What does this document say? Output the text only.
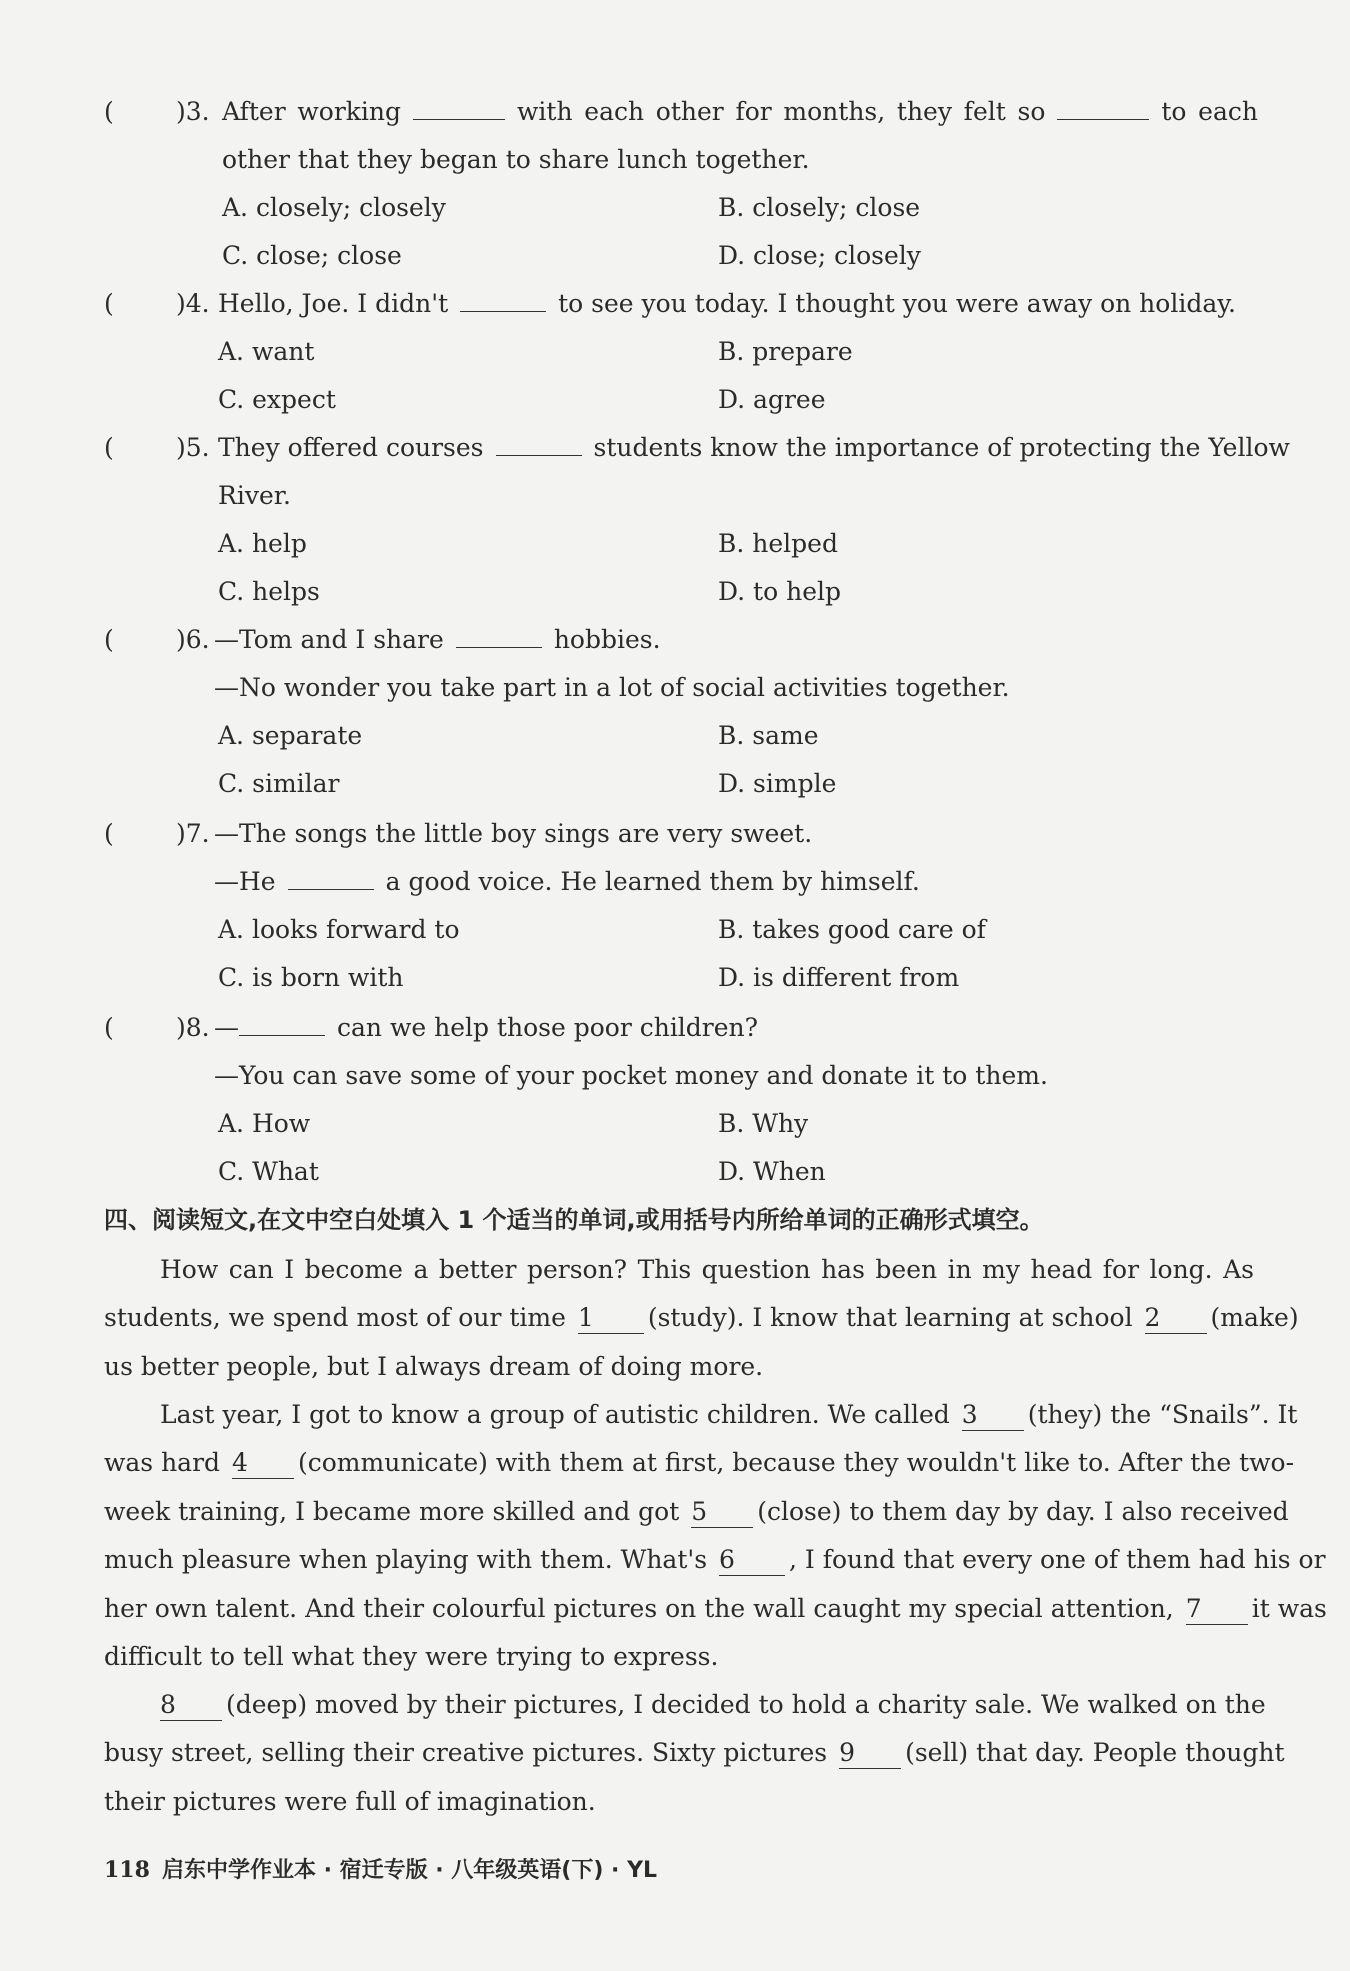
( )3. After working	with each other for months, they felt so	to each
other that they began to share lunch together.
A. closely; closely	B. closely; close
C. close; close	D. close; closely
( )4. Hello, Joe. I didn't	to see you today. I thought you were away on holiday.
A. want	B. prepare
C. expect	D. agree
( )5. They offered courses	students know the importance of protecting the Yellow
River.
A. help	B. helped
C. helps	D. to help
( )6. —Tom and I share	hobbies.
—No wonder you take part in a lot of social activities together.
A. separate	B. same
C. similar	D. simple
( )7. —The songs the little boy sings are very sweet.
—He	a good voice. He learned them by himself.
A. looks forward to	B. takes good care of
C. is born with	D. is different from
( )8. —	can we help those poor children?
—You can save some of your pocket money and donate it to them.
A. How	B. Why
C. What	D. When
四、阅读短文,在文中空白处填入 1 个适当的单词,或用括号内所给单词的正确形式填空。
How can I become a better person? This question has been in my head for long. As
students, we spend most of our time 1 (study). I know that learning at school 2 (make)
us better people, but I always dream of doing more.
Last year, I got to know a group of autistic children. We called 3 (they) the “Snails”. It
was hard 4 (communicate) with them at first, because they wouldn't like to. After the two-
week training, I became more skilled and got 5 (close) to them day by day. I also received
much pleasure when playing with them. What's 6 , I found that every one of them had his or
her own talent. And their colourful pictures on the wall caught my special attention, 7 it was
difficult to tell what they were trying to express.
8 (deep) moved by their pictures, I decided to hold a charity sale. We walked on the
busy street, selling their creative pictures. Sixty pictures 9 (sell) that day. People thought
their pictures were full of imagination.
118 启东中学作业本 · 宿迁专版 · 八年级英语(下) · YL
